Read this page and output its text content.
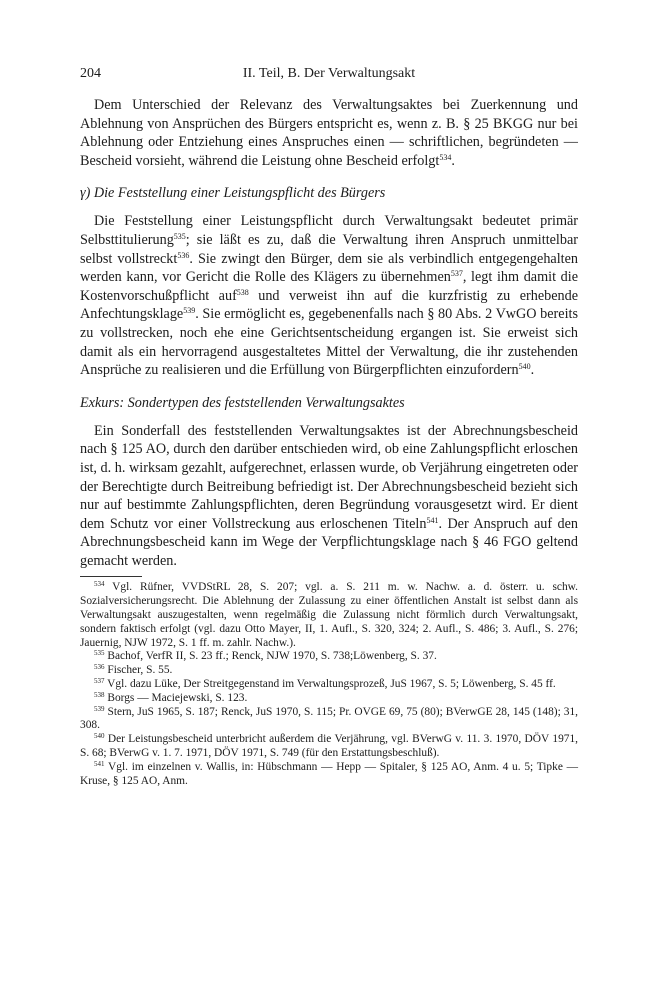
204	II. Teil, B. Der Verwaltungsakt

Dem Unterschied der Relevanz des Verwaltungsaktes bei Zuerkennung und Ablehnung von Ansprüchen des Bürgers entspricht es, wenn z. B. § 25 BKGG nur bei Ablehnung oder Entziehung eines Anspruches einen — schriftlichen, begründeten — Bescheid vorsieht, während die Leistung ohne Bescheid erfolgt$^{534}$.

γ) Die Feststellung einer Leistungspflicht des Bürgers

Die Feststellung einer Leistungspflicht durch Verwaltungsakt bedeutet primär Selbsttitulierung$^{535}$; sie läßt es zu, daß die Verwaltung ihren Anspruch unmittelbar selbst vollstreckt$^{536}$. Sie zwingt den Bürger, dem sie als verbindlich entgegengehalten werden kann, vor Gericht die Rolle des Klägers zu übernehmen$^{537}$, legt ihm damit die Kostenvorschußpflicht auf$^{538}$ und verweist ihn auf die kurzfristig zu erhebende Anfechtungsklage$^{539}$. Sie ermöglicht es, gegebenenfalls nach § 80 Abs. 2 VwGO bereits zu vollstrecken, noch ehe eine Gerichtsentscheidung ergangen ist. Sie erweist sich damit als ein hervorragend ausgestaltetes Mittel der Verwaltung, die ihr zustehenden Ansprüche zu realisieren und die Erfüllung von Bürgerpflichten einzufordern$^{540}$.

Exkurs: Sondertypen des feststellenden Verwaltungsaktes

Ein Sonderfall des feststellenden Verwaltungsaktes ist der Abrechnungsbescheid nach § 125 AO, durch den darüber entschieden wird, ob eine Zahlungspflicht erloschen ist, d. h. wirksam gezahlt, aufgerechnet, erlassen wurde, ob Verjährung eingetreten oder der Berechtigte durch Beitreibung befriedigt ist. Der Abrechnungsbescheid bezieht sich nur auf bestimmte Zahlungspflichten, deren Begründung vorausgesetzt wird. Er dient dem Schutz vor einer Vollstreckung aus erloschenen Titeln$^{541}$. Der Anspruch auf den Abrechnungsbescheid kann im Wege der Verpflichtungsklage nach § 46 FGO geltend gemacht werden.

$^{534}$ Vgl. Rüfner, VVDStRL 28, S. 207; vgl. a. S. 211 m. w. Nachw. a. d. österr. u. schw. Sozialversicherungsrecht. Die Ablehnung der Zulassung zu einer öffentlichen Anstalt ist selbst dann als Verwaltungsakt auszugestalten, wenn regelmäßig die Zulassung nicht förmlich durch Verwaltungsakt, sondern faktisch erfolgt (vgl. dazu Otto Mayer, II, 1. Aufl., S. 320, 324; 2. Aufl., S. 486; 3. Aufl., S. 276; Jauernig, NJW 1972, S. 1 ff. m. zahlr. Nachw.).

$^{535}$ Bachof, VerfR II, S. 23 ff.; Renck, NJW 1970, S. 738;Löwenberg, S. 37.

$^{536}$ Fischer, S. 55.

$^{537}$ Vgl. dazu Lüke, Der Streitgegenstand im Verwaltungsprozeß, JuS 1967, S. 5; Löwenberg, S. 45 ff.

$^{538}$ Borgs — Maciejewski, S. 123.

$^{539}$ Stern, JuS 1965, S. 187; Renck, JuS 1970, S. 115; Pr. OVGE 69, 75 (80); BVerwGE 28, 145 (148); 31, 308.

$^{540}$ Der Leistungsbescheid unterbricht außerdem die Verjährung, vgl. BVerwG v. 11. 3. 1970, DÖV 1971, S. 68; BVerwG v. 1. 7. 1971, DÖV 1971, S. 749 (für den Erstattungsbeschluß).

$^{541}$ Vgl. im einzelnen v. Wallis, in: Hübschmann — Hepp — Spitaler, § 125 AO, Anm. 4 u. 5; Tipke — Kruse, § 125 AO, Anm.
